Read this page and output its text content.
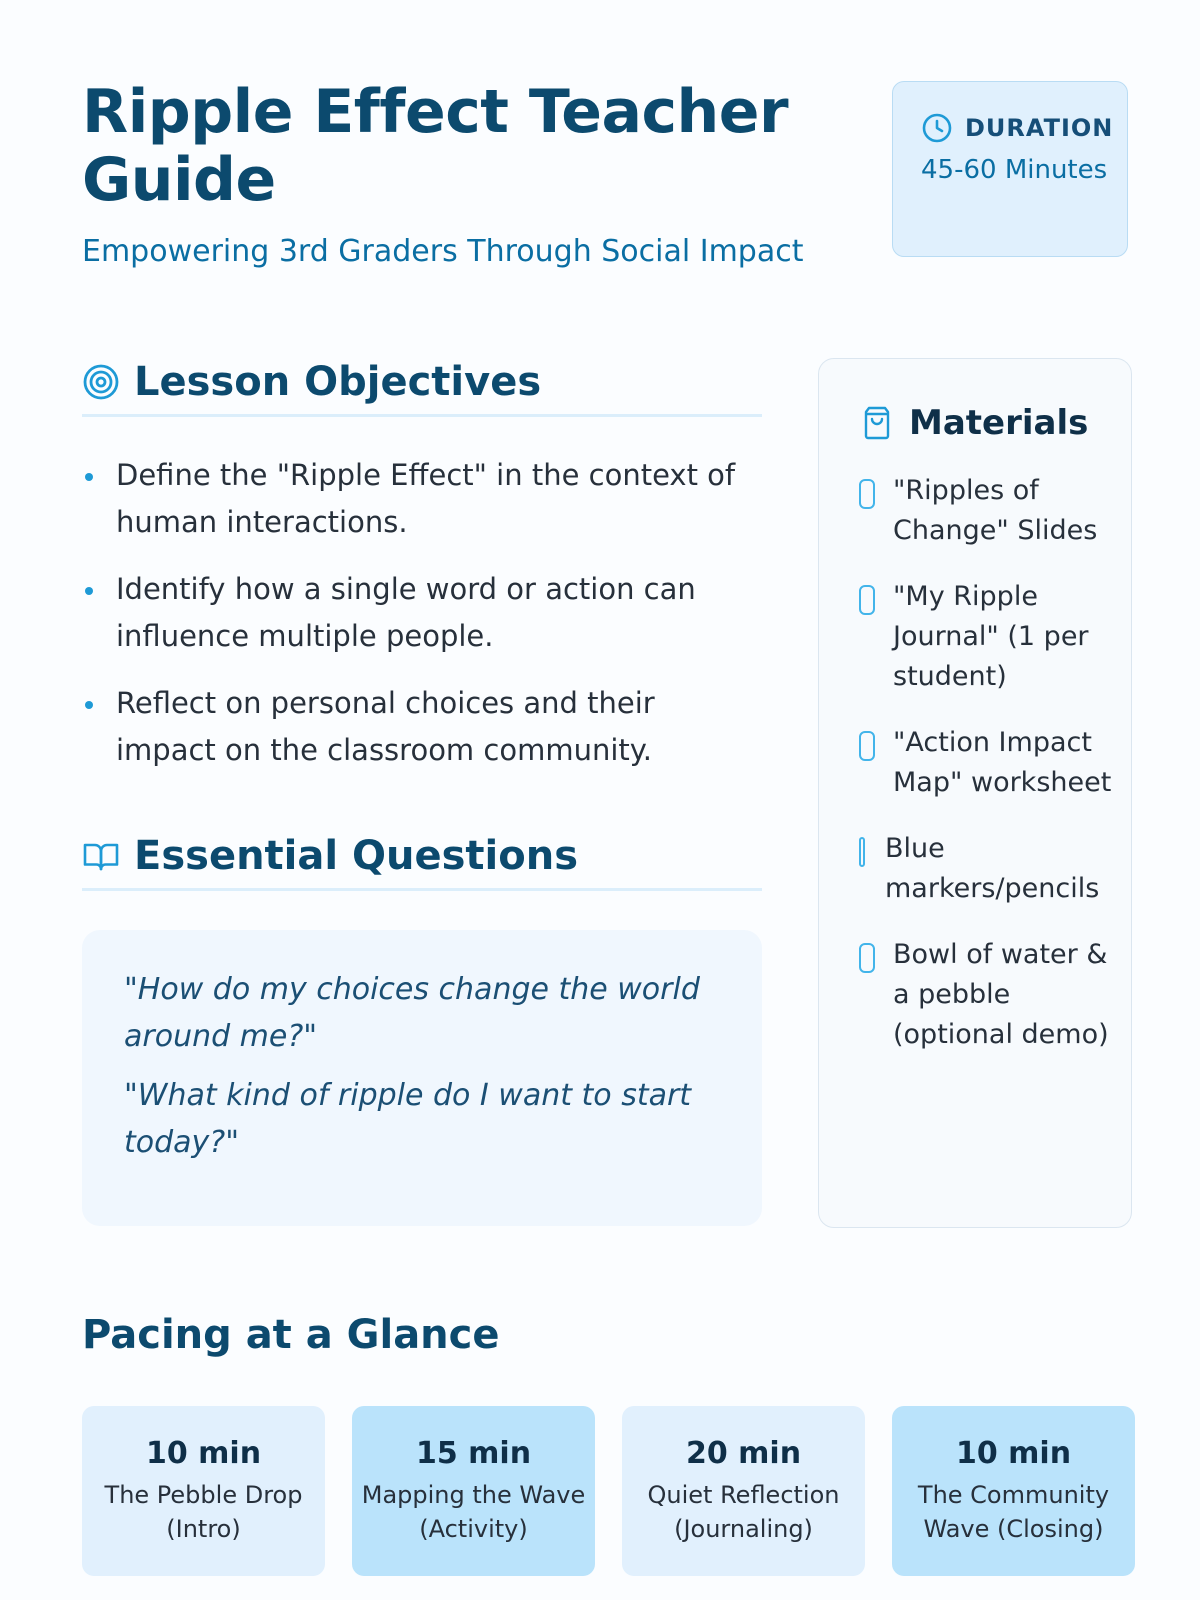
Ripple Effect Teacher Guide
Empowering 3rd Graders Through Social Impact
DURATION
45-60 Minutes
Lesson Objectives
Define the "Ripple Effect" in the context of human interactions.
Identify how a single word or action can influence multiple people.
Reflect on personal choices and their impact on the classroom community.
Essential Questions

"How do my choices change the world around me?"

"What kind of ripple do I want to start today?"

Materials
"Ripples of Change" Slides
"My Ripple Journal" (1 per student)
"Action Impact Map" worksheet
Blue markers/pencils
Bowl of water & a pebble (optional demo)
Pacing at a Glance
10 min
The Pebble Drop (Intro)
15 min
Mapping the Wave (Activity)
20 min
Quiet Reflection (Journaling)
10 min
The Community Wave (Closing)
